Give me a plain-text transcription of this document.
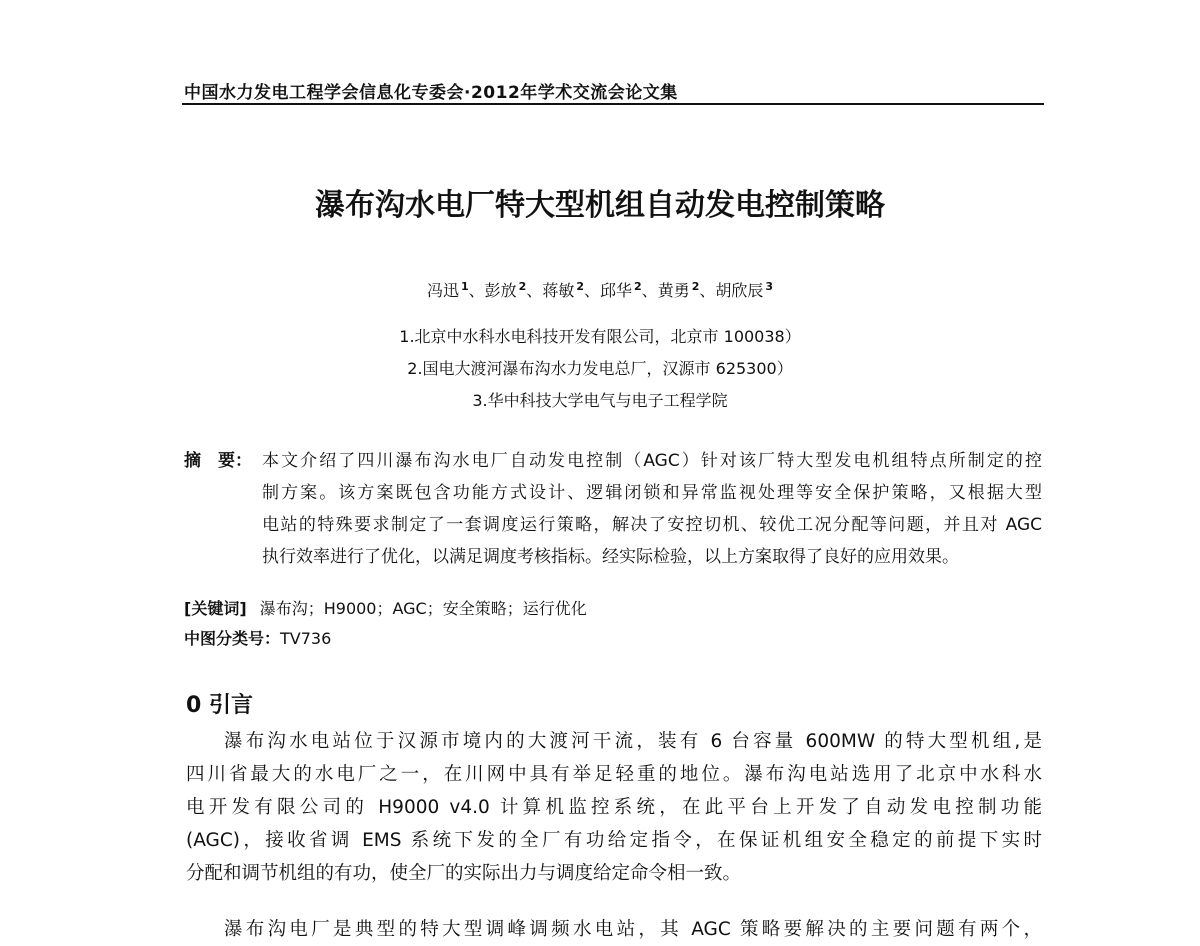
中国水力发电工程学会信息化专委会·2012年学术交流会论文集
瀑布沟水电厂特大型机组自动发电控制策略
冯迅 $^1$、彭放 $^2$、蒋敏 $^2$、邱华 $^2$、黄勇 $^2$、胡欣辰 $^3$
1.北京中水科水电科技开发有限公司，北京市 100038）
2.国电大渡河瀑布沟水力发电总厂，汉源市 625300）
3.华中科技大学电气与电子工程学院
摘　要： 本文介绍了四川瀑布沟水电厂自动发电控制（AGC）针对该厂特大型发电机组特点所制定的控
制方案。该方案既包含功能方式设计、逻辑闭锁和异常监视处理等安全保护策略，又根据大型
电站的特殊要求制定了一套调度运行策略，解决了安控切机、较优工况分配等问题，并且对 AGC
执行效率进行了优化，以满足调度考核指标。经实际检验，以上方案取得了良好的应用效果。
[关键词] 瀑布沟；H9000；AGC；安全策略；运行优化
中图分类号：TV736
0 引言
瀑布沟水电站位于汉源市境内的大渡河干流，装有 6 台容量 600MW 的特大型机组,是
四川省最大的水电厂之一，在川网中具有举足轻重的地位。瀑布沟电站选用了北京中水科水
电开发有限公司的 H9000 v4.0 计算机监控系统，在此平台上开发了自动发电控制功能
(AGC)，接收省调 EMS 系统下发的全厂有功给定指令，在保证机组安全稳定的前提下实时
分配和调节机组的有功，使全厂的实际出力与调度给定命令相一致。
瀑布沟电厂是典型的特大型调峰调频水电站，其 AGC 策略要解决的主要问题有两个，
